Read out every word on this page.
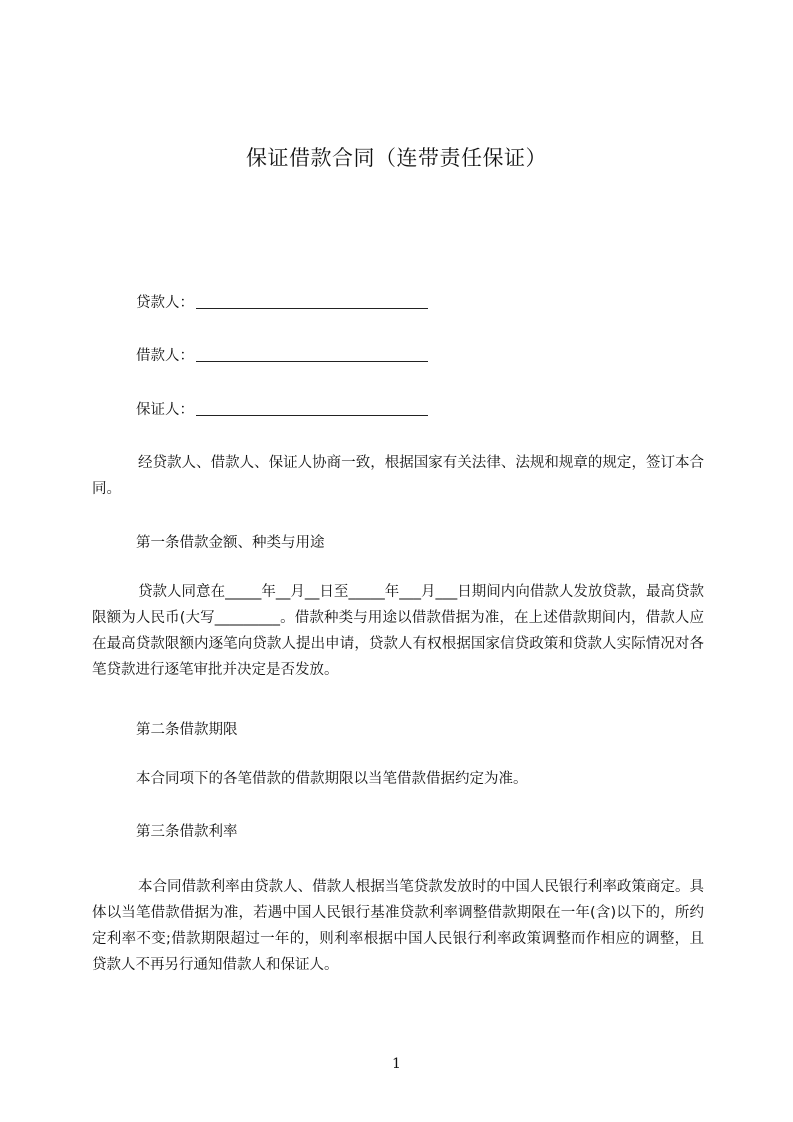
保证借款合同（连带责任保证）
贷款人：
借款人：
保证人：
经贷款人、借款人、保证人协商一致，根据国家有关法律、法规和规章的规定，签订本合同。
第一条借款金额、种类与用途
贷款人同意在_____年__月__日至_____年___月___日期间内向借款人发放贷款，最高贷款限额为人民币(大写_________。借款种类与用途以借款借据为准，在上述借款期间内，借款人应在最高贷款限额内逐笔向贷款人提出申请，贷款人有权根据国家信贷政策和贷款人实际情况对各笔贷款进行逐笔审批并决定是否发放。
第二条借款期限
本合同项下的各笔借款的借款期限以当笔借款借据约定为准。
第三条借款利率
本合同借款利率由贷款人、借款人根据当笔贷款发放时的中国人民银行利率政策商定。具体以当笔借款借据为准，若遇中国人民银行基准贷款利率调整借款期限在一年(含)以下的，所约定利率不变;借款期限超过一年的，则利率根据中国人民银行利率政策调整而作相应的调整，且贷款人不再另行通知借款人和保证人。
1
